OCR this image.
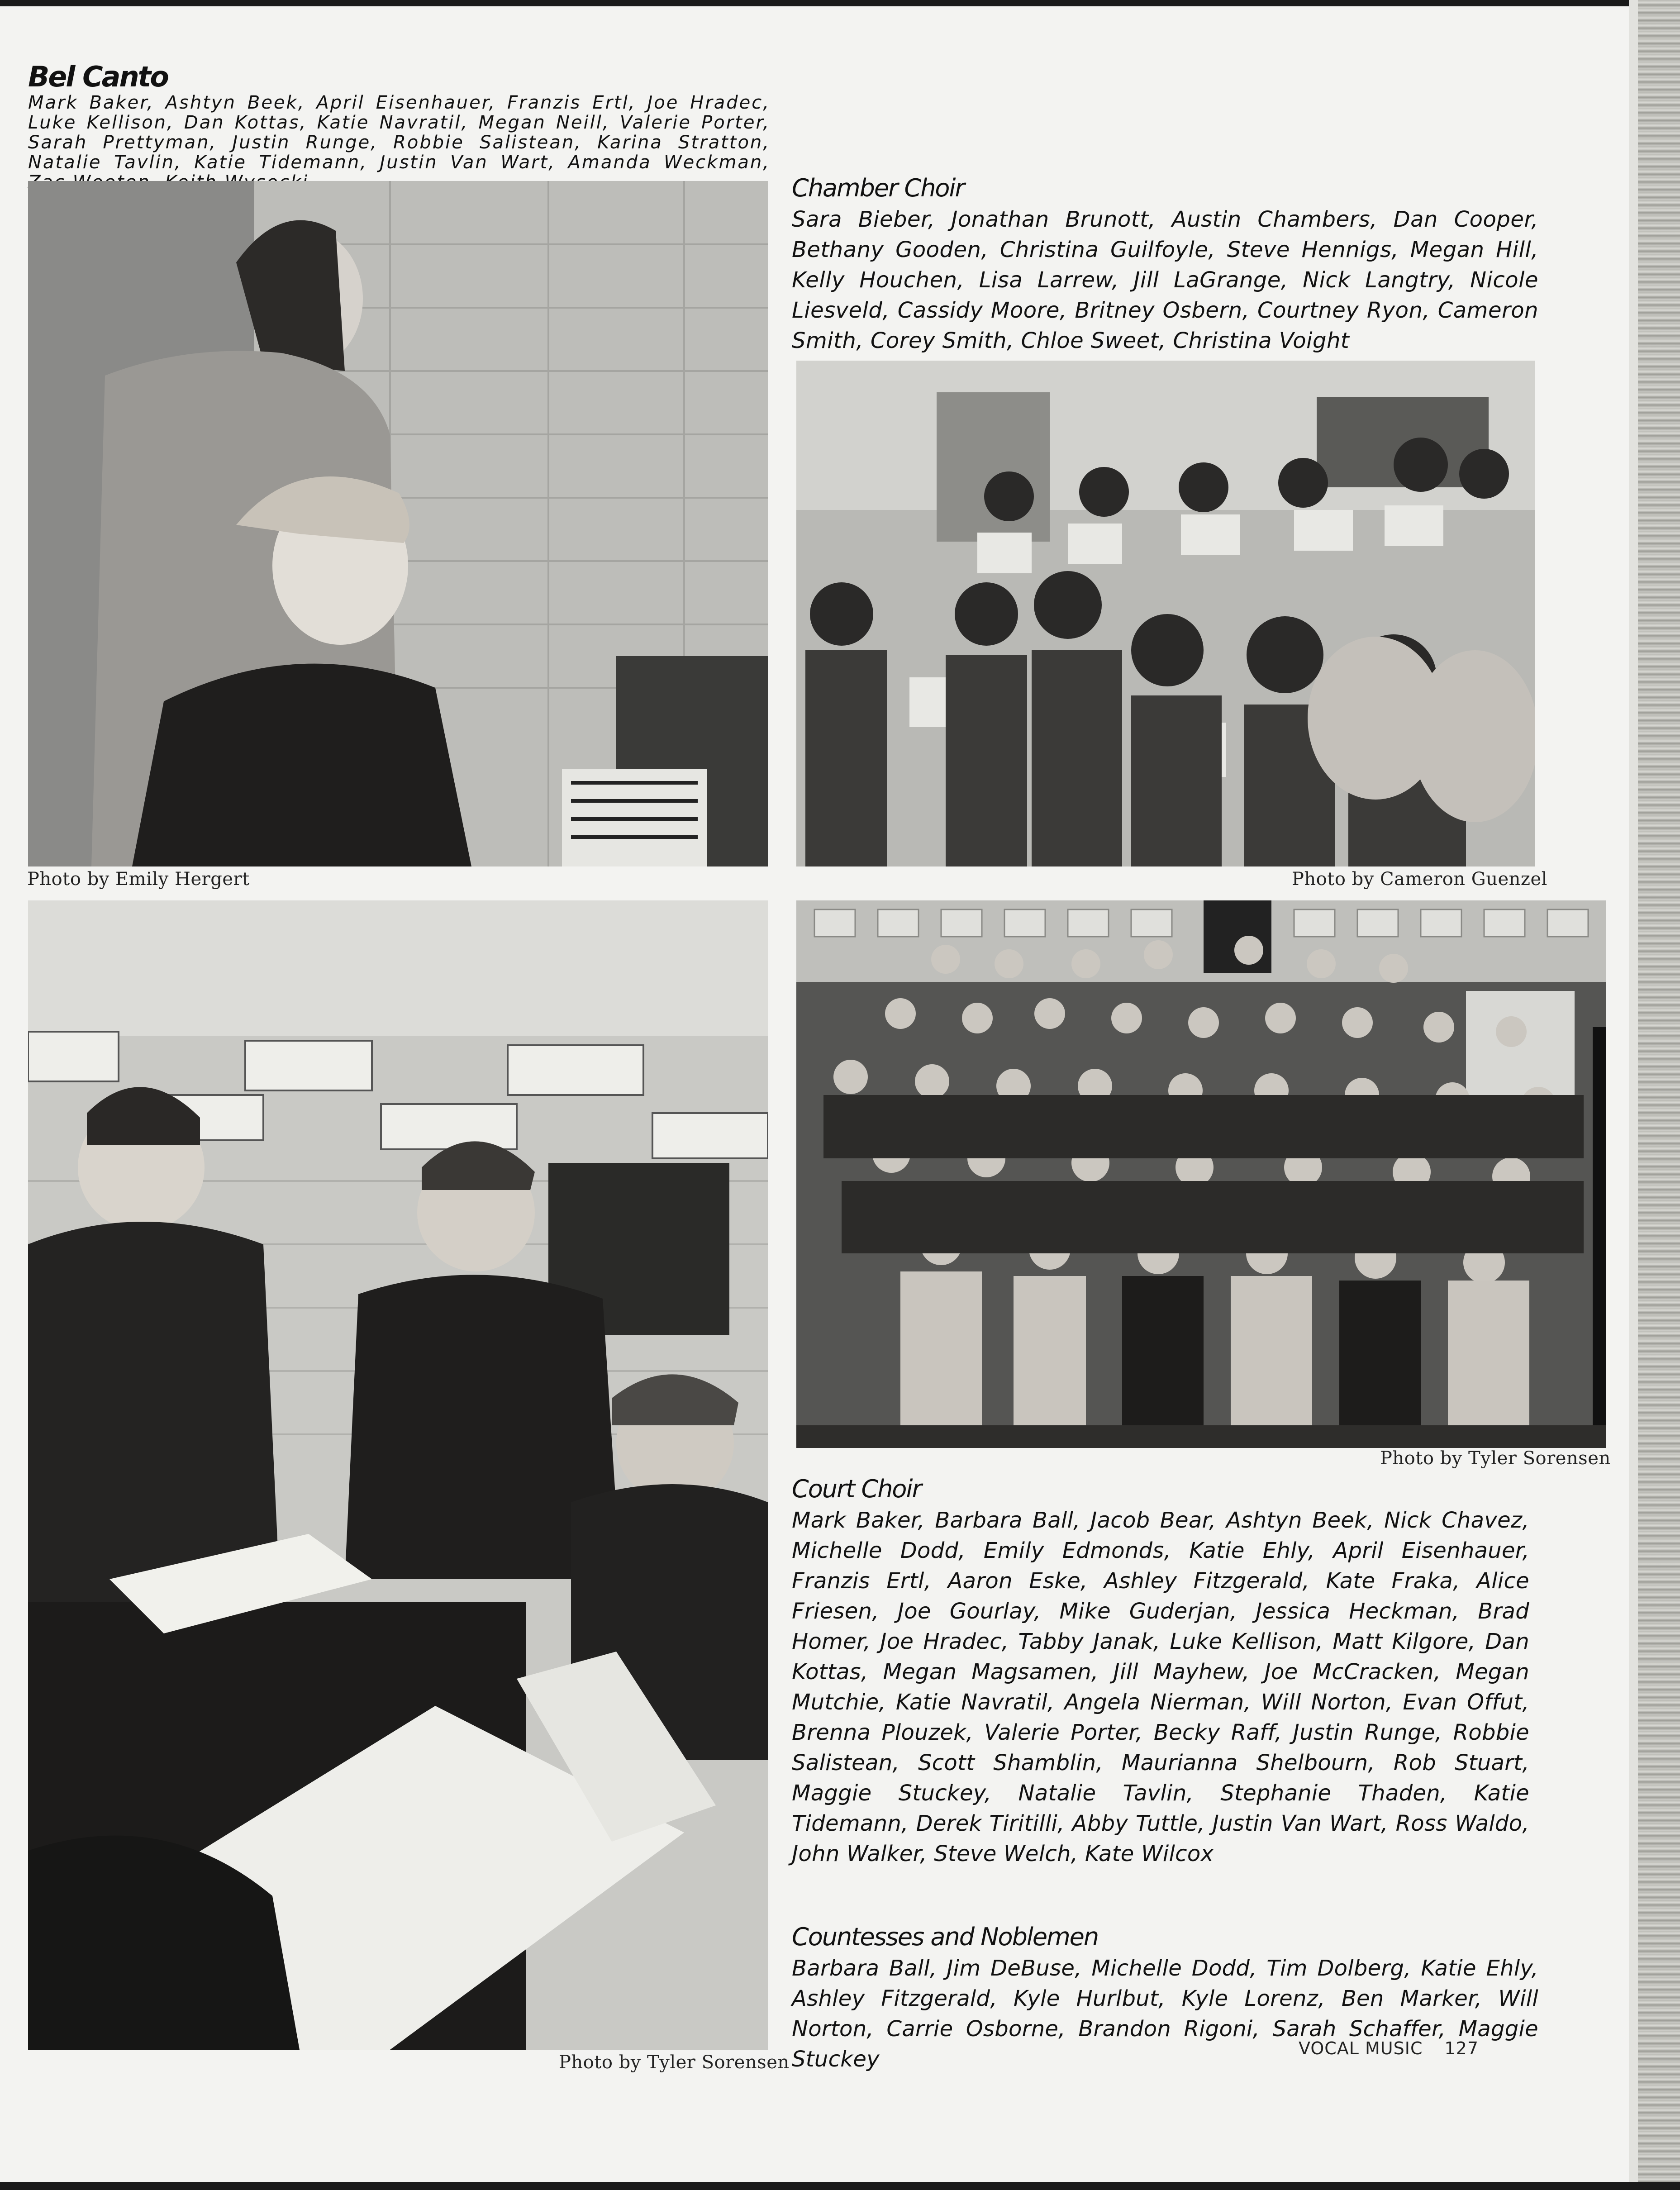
Bel Canto

Mark Baker, Ashtyn Beek, April Eisenhauer, Franzis Ertl, Joe Hradec, Luke Kellison, Dan Kottas, Katie Navratil, Megan Neill, Valerie Porter, Sarah Prettyman, Justin Runge, Robbie Salistean, Karina Stratton, Natalie Tavlin, Katie Tidemann, Justin Van Wart, Amanda Weckman,

Chamber Choir

Sara Bieber, Jonathan Brunott, Austin Chambers, Dan Cooper, Bethany Gooden, Christina Guilfoyle, Steve Hennigs, Megan Hill, Kelly Houchen, Lisa Larrew, Jill LaGrange, Nick Langtry, Nicole Liesveld, Cassidy Moore, Britney Osbern, Courtney Ryon, Cameron Smith, Corey Smith, Chloe Sweet, Christina Voight

Photo by Emily Hergert	Photo by Cameron Guenzel

Photo by Tyler Sorensen

Photo by Tyler Sorensen

Court Choir

Mark Baker, Barbara Ball, Jacob Bear, Ashtyn Beek, Nick Chavez, Michelle Dodd, Emily Edmonds, Katie Ehly, April Eisenhauer, Franzis Ertl, Aaron Eske, Ashley Fitzgerald, Kate Fraka, Alice Friesen, Joe Gourlay, Mike Guderjan, Jessica Heckman, Brad Homer, Joe Hradec, Tabby Janak, Luke Kellison, Matt Kilgore, Dan Kottas, Megan Magsamen, Jill Mayhew, Joe McCracken, Megan Mutchie, Katie Navratil, Angela Nierman, Will Norton, Evan Offut, Brenna Plouzek, Valerie Porter, Becky Raff, Justin Runge, Robbie Salistean, Scott Shamblin, Maurianna Shelbourn, Rob Stuart, Maggie Stuckey, Natalie Tavlin, Stephanie Thaden, Katie Tidemann, Derek Tiritilli, Abby Tuttle, Justin Van Wart, Ross Waldo, John Walker, Steve Welch, Kate Wilcox

Countesses and Noblemen

Barbara Ball, Jim DeBuse, Michelle Dodd, Tim Dolberg, Katie Ehly, Ashley Fitzgerald, Kyle Hurlbut, Kyle Lorenz, Ben Marker, Will Norton, Carrie Osborne, Brandon Rigoni, Sarah Schaffer, Maggie Stuckey	VOCAL MUSIC 127
